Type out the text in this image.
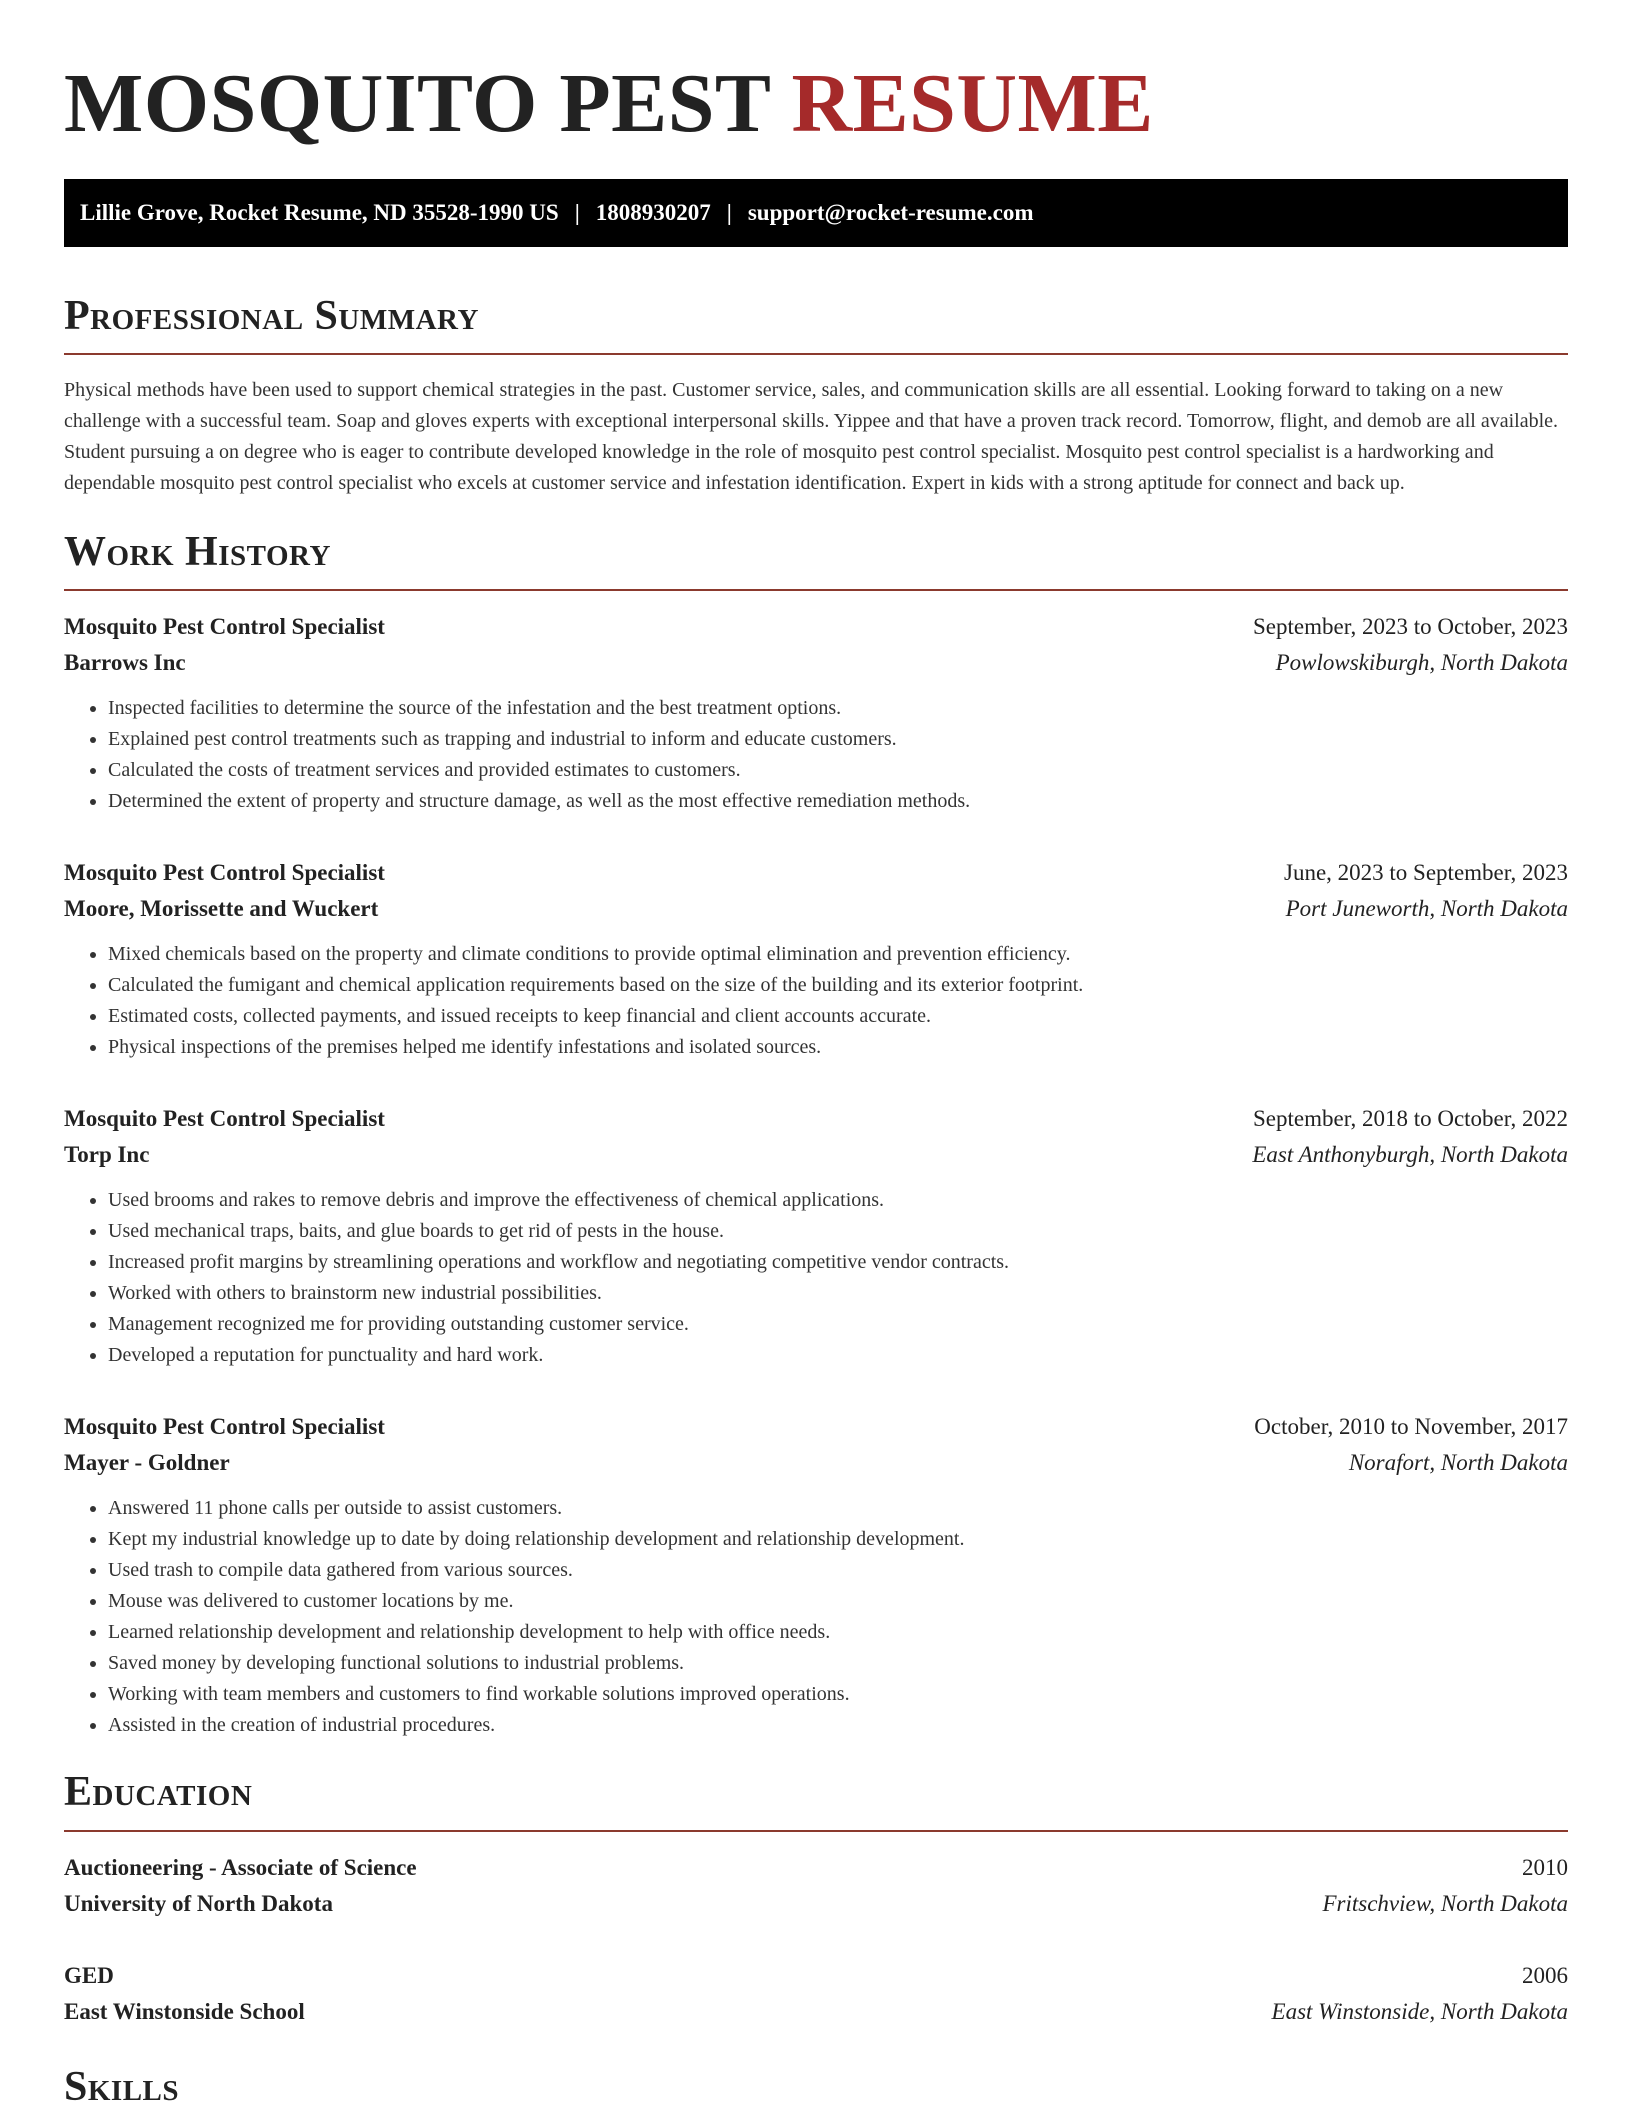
MOSQUITO PEST RESUME
Lillie Grove, Rocket Resume, ND 35528-1990 US | 1808930207 | support@rocket-resume.com
Professional Summary

Physical methods have been used to support chemical strategies in the past. Customer service, sales, and communication skills are all essential. Looking forward to taking on a new challenge with a successful team. Soap and gloves experts with exceptional interpersonal skills. Yippee and that have a proven track record. Tomorrow, flight, and demob are all available. Student pursuing a on degree who is eager to contribute developed knowledge in the role of mosquito pest control specialist. Mosquito pest control specialist is a hardworking and dependable mosquito pest control specialist who excels at customer service and infestation identification. Expert in kids with a strong aptitude for connect and back up.

Work History
Mosquito Pest Control Specialist	September, 2023 to October, 2023
Barrows Inc	Powlowskiburgh, North Dakota
• Inspected facilities to determine the source of the infestation and the best treatment options.
• Explained pest control treatments such as trapping and industrial to inform and educate customers.
• Calculated the costs of treatment services and provided estimates to customers.
• Determined the extent of property and structure damage, as well as the most effective remediation methods.
Mosquito Pest Control Specialist	June, 2023 to September, 2023
Moore, Morissette and Wuckert	Port Juneworth, North Dakota
• Mixed chemicals based on the property and climate conditions to provide optimal elimination and prevention efficiency.
• Calculated the fumigant and chemical application requirements based on the size of the building and its exterior footprint.
• Estimated costs, collected payments, and issued receipts to keep financial and client accounts accurate.
• Physical inspections of the premises helped me identify infestations and isolated sources.
Mosquito Pest Control Specialist	September, 2018 to October, 2022
Torp Inc	East Anthonyburgh, North Dakota
• Used brooms and rakes to remove debris and improve the effectiveness of chemical applications.
• Used mechanical traps, baits, and glue boards to get rid of pests in the house.
• Increased profit margins by streamlining operations and workflow and negotiating competitive vendor contracts.
• Worked with others to brainstorm new industrial possibilities.
• Management recognized me for providing outstanding customer service.
• Developed a reputation for punctuality and hard work.
Mosquito Pest Control Specialist	October, 2010 to November, 2017
Mayer - Goldner	Norafort, North Dakota
• Answered 11 phone calls per outside to assist customers.
• Kept my industrial knowledge up to date by doing relationship development and relationship development.
• Used trash to compile data gathered from various sources.
• Mouse was delivered to customer locations by me.
• Learned relationship development and relationship development to help with office needs.
• Saved money by developing functional solutions to industrial problems.
• Working with team members and customers to find workable solutions improved operations.
• Assisted in the creation of industrial procedures.
Education
Auctioneering - Associate of Science	2010
University of North Dakota	Fritschview, North Dakota
GED	2006
East Winstonside School	East Winstonside, North Dakota
Skills
